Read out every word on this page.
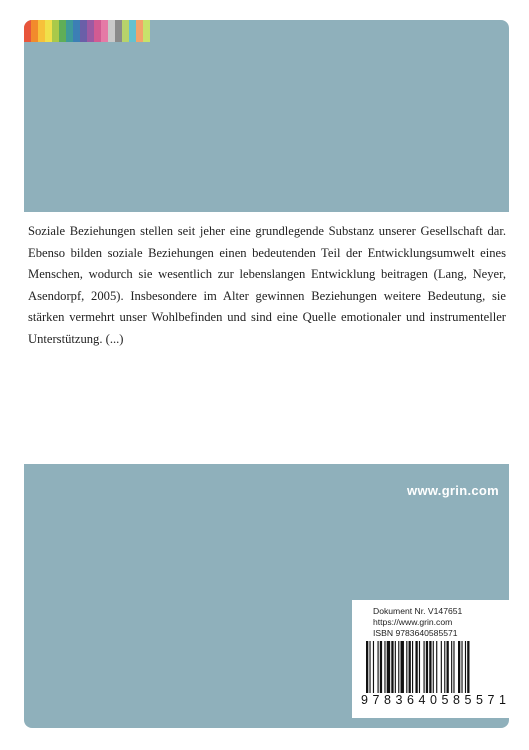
Soziale Beziehungen stellen seit jeher eine grundlegende Substanz unserer Gesellschaft dar. Ebenso bilden soziale Beziehungen einen bedeutenden Teil der Entwicklungsumwelt eines Menschen, wodurch sie wesentlich zur lebenslangen Entwicklung beitragen (Lang, Neyer, Asendorpf, 2005). Insbesondere im Alter gewinnen Beziehungen weitere Bedeutung, sie stärken vermehrt unser Wohlbefinden und sind eine Quelle emotionaler und instrumenteller Unterstützung. (...)

www.grin.com
Dokument Nr. V147651
https://www.grin.com
ISBN 9783640585571
9 7 8 3 6 4 0 5 8 5 5 7 1
